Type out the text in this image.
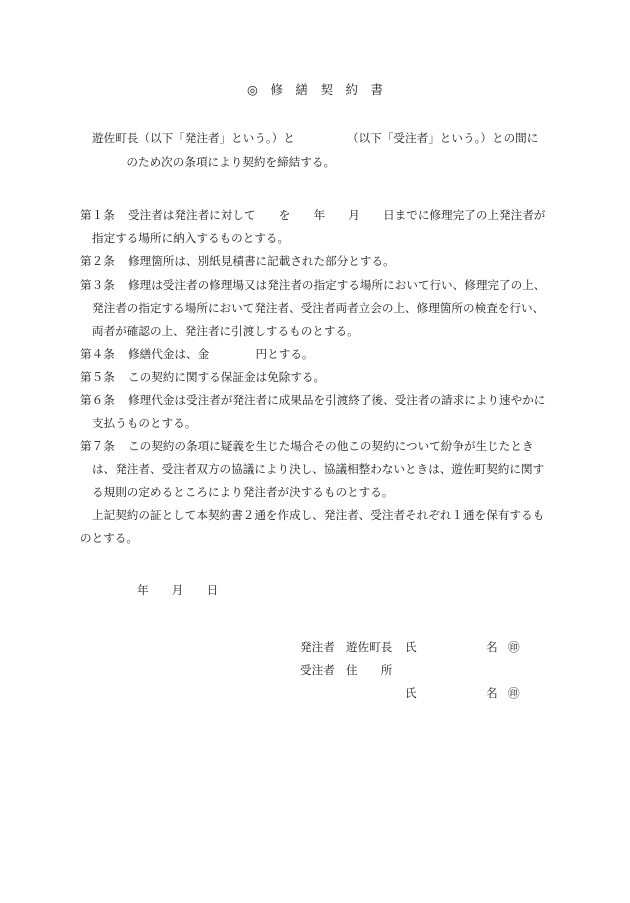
◎　修　繕　契　約　書
遊佐町長（以下「発注者」という。）と　　　　　（以下「受注者」という。）との間に
　　　　のため次の条項により契約を締結する。
第１条 受注者は発注者に対して　　を　　年　　月　　日までに修理完了の上発注者が
指定する場所に納入するものとする。
第２条 修理箇所は、別紙見積書に記載された部分とする。
第３条 修理は受注者の修理場又は発注者の指定する場所において行い、修理完了の上、
発注者の指定する場所において発注者、受注者両者立会の上、修理箇所の検査を行い、
両者が確認の上、発注者に引渡しするものとする。
第４条 修繕代金は、金　　　　円とする。
第５条 この契約に関する保証金は免除する。
第６条 修理代金は受注者が発注者に成果品を引渡終了後、受注者の請求により速やかに
支払うものとする。
第７条 この契約の条項に疑義を生じた場合その他この契約について紛争が生じたとき
は、発注者、受注者双方の協議により決し、協議相整わないときは、遊佐町契約に関す
る規則の定めるところにより発注者が決するものとする。
上記契約の証として本契約書２通を作成し、発注者、受注者それぞれ１通を保有するも
のとする。
年　　月　　日
発注者 遊佐町長 氏	名 ㊞
受注者 住　　所
氏	名 ㊞
